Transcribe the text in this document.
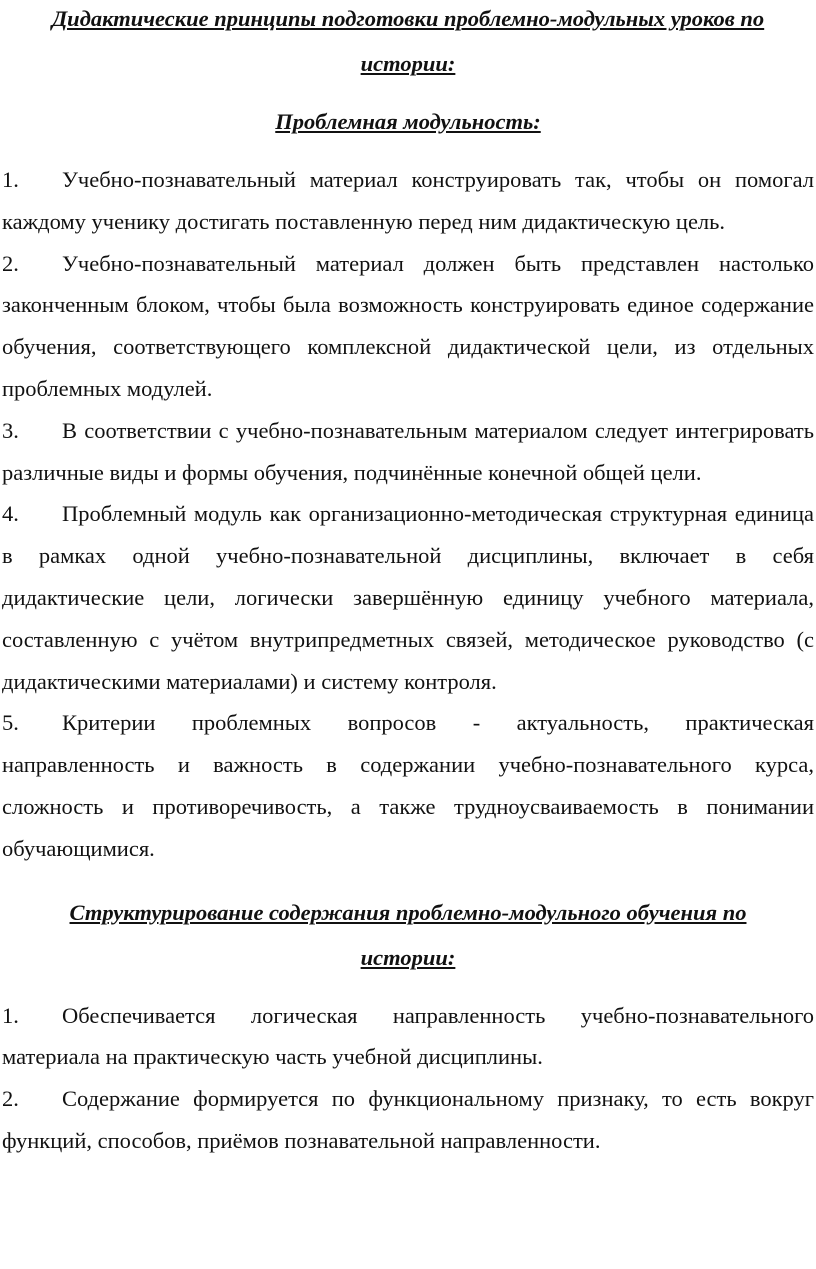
Дидактические принципы подготовки проблемно-модульных уроков по
истории:
Проблемная модульность:

1. Учебно-познавательный материал конструировать так, чтобы он помогал каждому ученику достигать поставленную перед ним дидактическую цель.

2. Учебно-познавательный материал должен быть представлен настолько законченным блоком, чтобы была возможность конструировать единое содержание обучения, соответствующего комплексной дидактической цели, из отдельных проблемных модулей.

3. В соответствии с учебно-познавательным материалом следует интегрировать различные виды и формы обучения, подчинённые конечной общей цели.

4. Проблемный модуль как организационно-методическая структурная единица в рамках одной учебно-познавательной дисциплины, включает в себя дидактические цели, логически завершённую единицу учебного материала, составленную с учётом внутрипредметных связей, методическое руководство (с дидактическими материалами) и систему контроля.

5. Критерии проблемных вопросов - актуальность, практическая направленность и важность в содержании учебно-познавательного курса, сложность и противоречивость, а также трудноусваиваемость в понимании обучающимися.

Структурирование содержания проблемно-модульного обучения по
истории:

1. Обеспечивается логическая направленность учебно-познавательного материала на практическую часть учебной дисциплины.

2. Содержание формируется по функциональному признаку, то есть вокруг функций, способов, приёмов познавательной направленности.
